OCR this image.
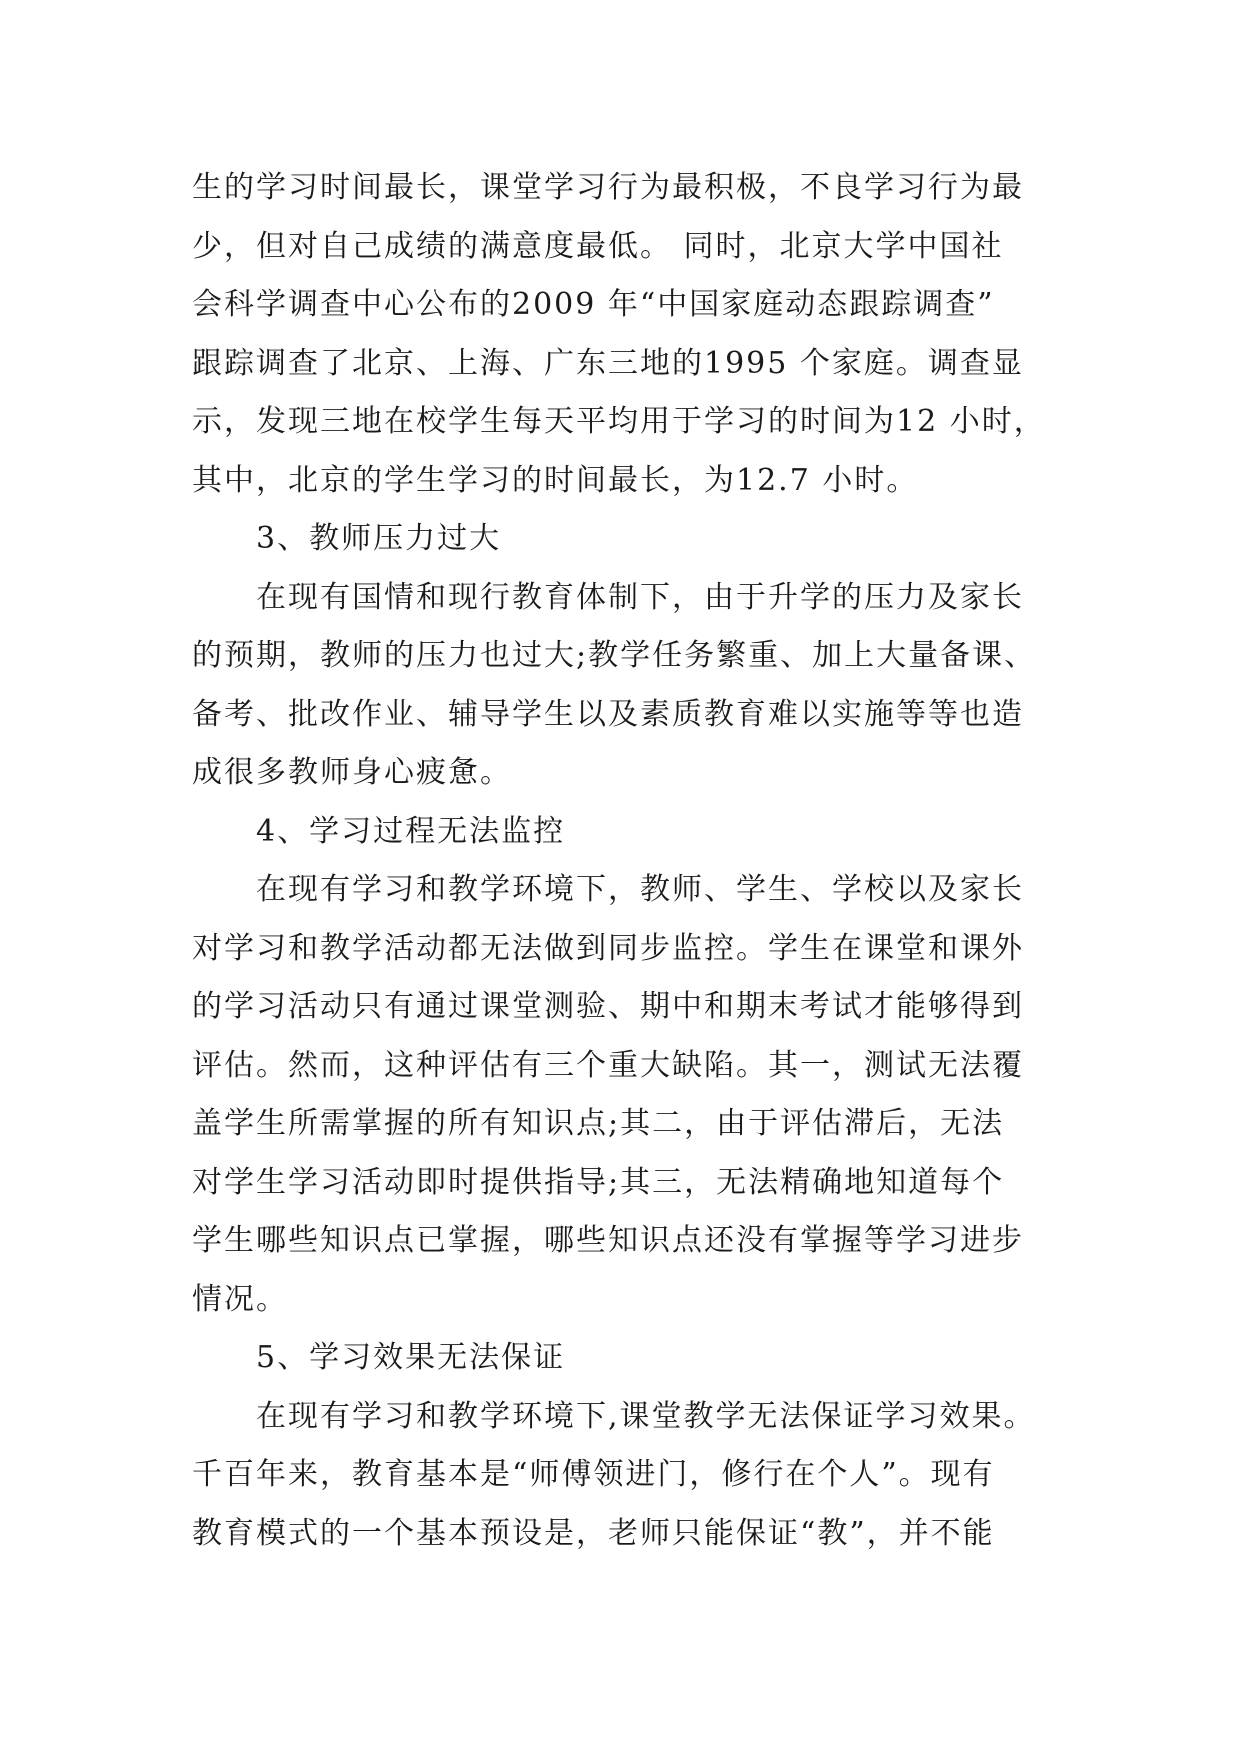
生的学习时间最长，课堂学习行为最积极，不良学习行为最
少，但对自己成绩的满意度最低。 同时，北京大学中国社
会科学调查中心公布的2009 年“中国家庭动态跟踪调查”
跟踪调查了北京、上海、广东三地的1995 个家庭。调查显
示，发现三地在校学生每天平均用于学习的时间为12 小时，
其中，北京的学生学习的时间最长，为12.7 小时。
3、教师压力过大
在现有国情和现行教育体制下，由于升学的压力及家长
的预期，教师的压力也过大;教学任务繁重、加上大量备课、
备考、批改作业、辅导学生以及素质教育难以实施等等也造
成很多教师身心疲惫。
4、学习过程无法监控
在现有学习和教学环境下，教师、学生、学校以及家长
对学习和教学活动都无法做到同步监控。学生在课堂和课外
的学习活动只有通过课堂测验、期中和期末考试才能够得到
评估。然而，这种评估有三个重大缺陷。其一，测试无法覆
盖学生所需掌握的所有知识点;其二，由于评估滞后，无法
对学生学习活动即时提供指导;其三，无法精确地知道每个
学生哪些知识点已掌握，哪些知识点还没有掌握等学习进步
情况。
5、学习效果无法保证
在现有学习和教学环境下,课堂教学无法保证学习效果。
千百年来，教育基本是“师傅领进门，修行在个人”。现有
教育模式的一个基本预设是，老师只能保证“教”，并不能
